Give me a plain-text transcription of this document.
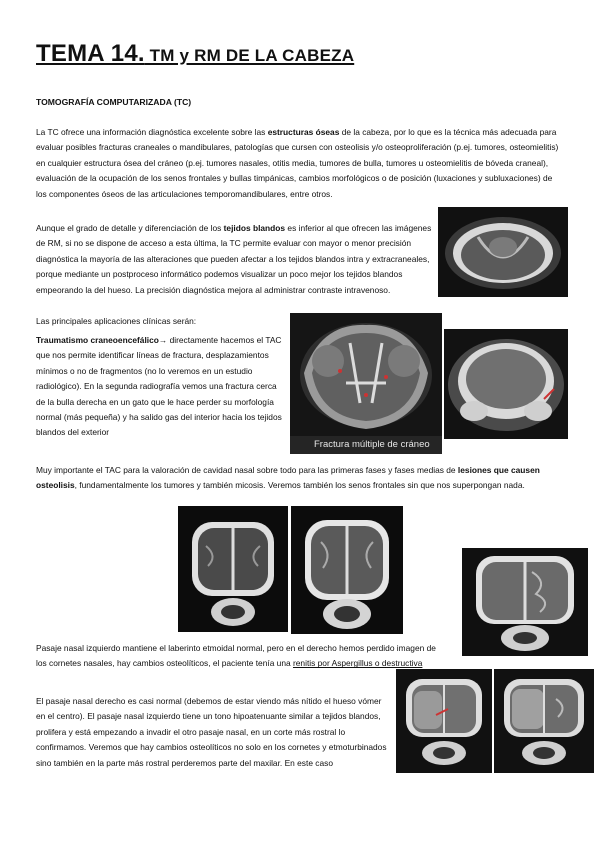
TEMA 14. TM y RM DE LA CABEZA
TOMOGRAFÍA COMPUTARIZADA (TC)
La TC ofrece una información diagnóstica excelente sobre las estructuras óseas de la cabeza, por lo que es la técnica más adecuada para evaluar posibles fracturas craneales o mandibulares, patologías que cursen con osteolisis y/o osteoproliferación (p.ej. tumores, osteomielitis) en cualquier estructura ósea del cráneo (p.ej. tumores nasales, otitis media, tumores de bulla, tumores u osteomielitis de bóveda craneal), evaluación de la ocupación de los senos frontales y bullas timpánicas, cambios morfológicos o de posición (luxaciones y subluxaciones) de los componentes óseos de las articulaciones temporomandibulares, entre otros.
Aunque el grado de detalle y diferenciación de los tejidos blandos es inferior al que ofrecen las imágenes de RM, si no se dispone de acceso a esta última, la TC permite evaluar con mayor o menor precisión diagnóstica la mayoría de las alteraciones que pueden afectar a los tejidos blandos intra y extracraneales, porque mediante un postproceso informático podemos visualizar un poco mejor los tejidos blandos empeorando la del hueso. La precisión diagnóstica mejora al administrar contraste intravenoso.
Las principales aplicaciones clínicas serán:
Fractura múltiple de cráneo
Traumatismo craneoencefálico→ directamente hacemos el TAC que nos permite identificar líneas de fractura, desplazamientos mínimos o no de fragmentos (no lo veremos en un estudio radiológico). En la segunda radiografía vemos una fractura cerca de la bulla derecha en un gato que le hace perder su morfología normal (más pequeña) y ha salido gas del interior hacia los tejidos blandos del exterior
Muy importante el TAC para la valoración de cavidad nasal sobre todo para las primeras fases y fases medias de lesiones que causen osteolisis, fundamentalmente los tumores y también micosis. Veremos también los senos frontales sin que nos superpongan nada.
Pasaje nasal izquierdo mantiene el laberinto etmoidal normal, pero en el derecho hemos perdido imagen de los cornetes nasales, hay cambios osteolíticos, el paciente tenía una renitis por Aspergillus o destructiva
El pasaje nasal derecho es casi normal (debemos de estar viendo más nítido el hueso vómer en el centro). El pasaje nasal izquierdo tiene un tono hipoatenuante similar a tejidos blandos, prolifera y está empezando a invadir el otro pasaje nasal, en un corte más rostral lo confirmamos. Veremos que hay cambios osteolíticos no solo en los cornetes y etmoturbinados sino también en la parte más rostral perderemos parte del maxilar. En este caso
